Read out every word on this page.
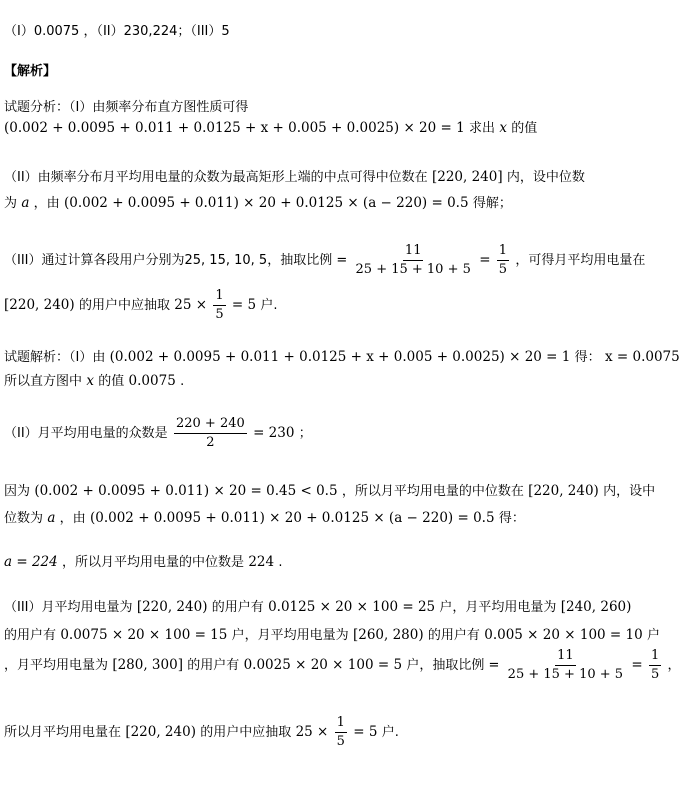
（I）0.0075 ，（II）230,224；（III）5
【解析】
试题分析：（I）由频率分布直方图性质可得
(0.002 + 0.0095 + 0.011 + 0.0125 + x + 0.005 + 0.0025) × 20 = 1 求出 x 的值
（II）由频率分布月平均用电量的众数为最高矩形上端的中点可得中位数在 [220, 240] 内，设中位数
为 a ，由 (0.002 + 0.0095 + 0.011) × 20 + 0.0125 × (a − 220) = 0.5 得解；
（III）通过计算各段用户分别为25, 15, 10, 5，抽取比例 = $\frac{11}{25 + 15 + 10 + 5} = \frac{1}{5}$ ，可得月平均用电量在
[220, 240) 的用户中应抽取 $25 \times \frac{1}{5} = 5$ 户.
试题解析：（I）由 (0.002 + 0.0095 + 0.011 + 0.0125 + x + 0.005 + 0.0025) × 20 = 1 得： x = 0.0075
所以直方图中 x 的值 0.0075 .
（II）月平均用电量的众数是 $\frac{220 + 240}{2} = 230$ ；
因为 (0.002 + 0.0095 + 0.011) × 20 = 0.45 < 0.5 ，所以月平均用电量的中位数在 [220, 240) 内，设中
位数为 a ，由 (0.002 + 0.0095 + 0.011) × 20 + 0.0125 × (a − 220) = 0.5 得：
a = 224 ，所以月平均用电量的中位数是 224 .
（III）月平均用电量为 [220, 240) 的用户有 0.0125 × 20 × 100 = 25 户，月平均用电量为 [240, 260)
的用户有 0.0075 × 20 × 100 = 15 户，月平均用电量为 [260, 280) 的用户有 0.005 × 20 × 100 = 10 户
，月平均用电量为 [280, 300] 的用户有 0.0025 × 20 × 100 = 5 户，抽取比例 = $\frac{11}{25 + 15 + 10 + 5} = \frac{1}{5}$ ，
所以月平均用电量在 [220, 240) 的用户中应抽取 $25 \times \frac{1}{5} = 5$ 户.
